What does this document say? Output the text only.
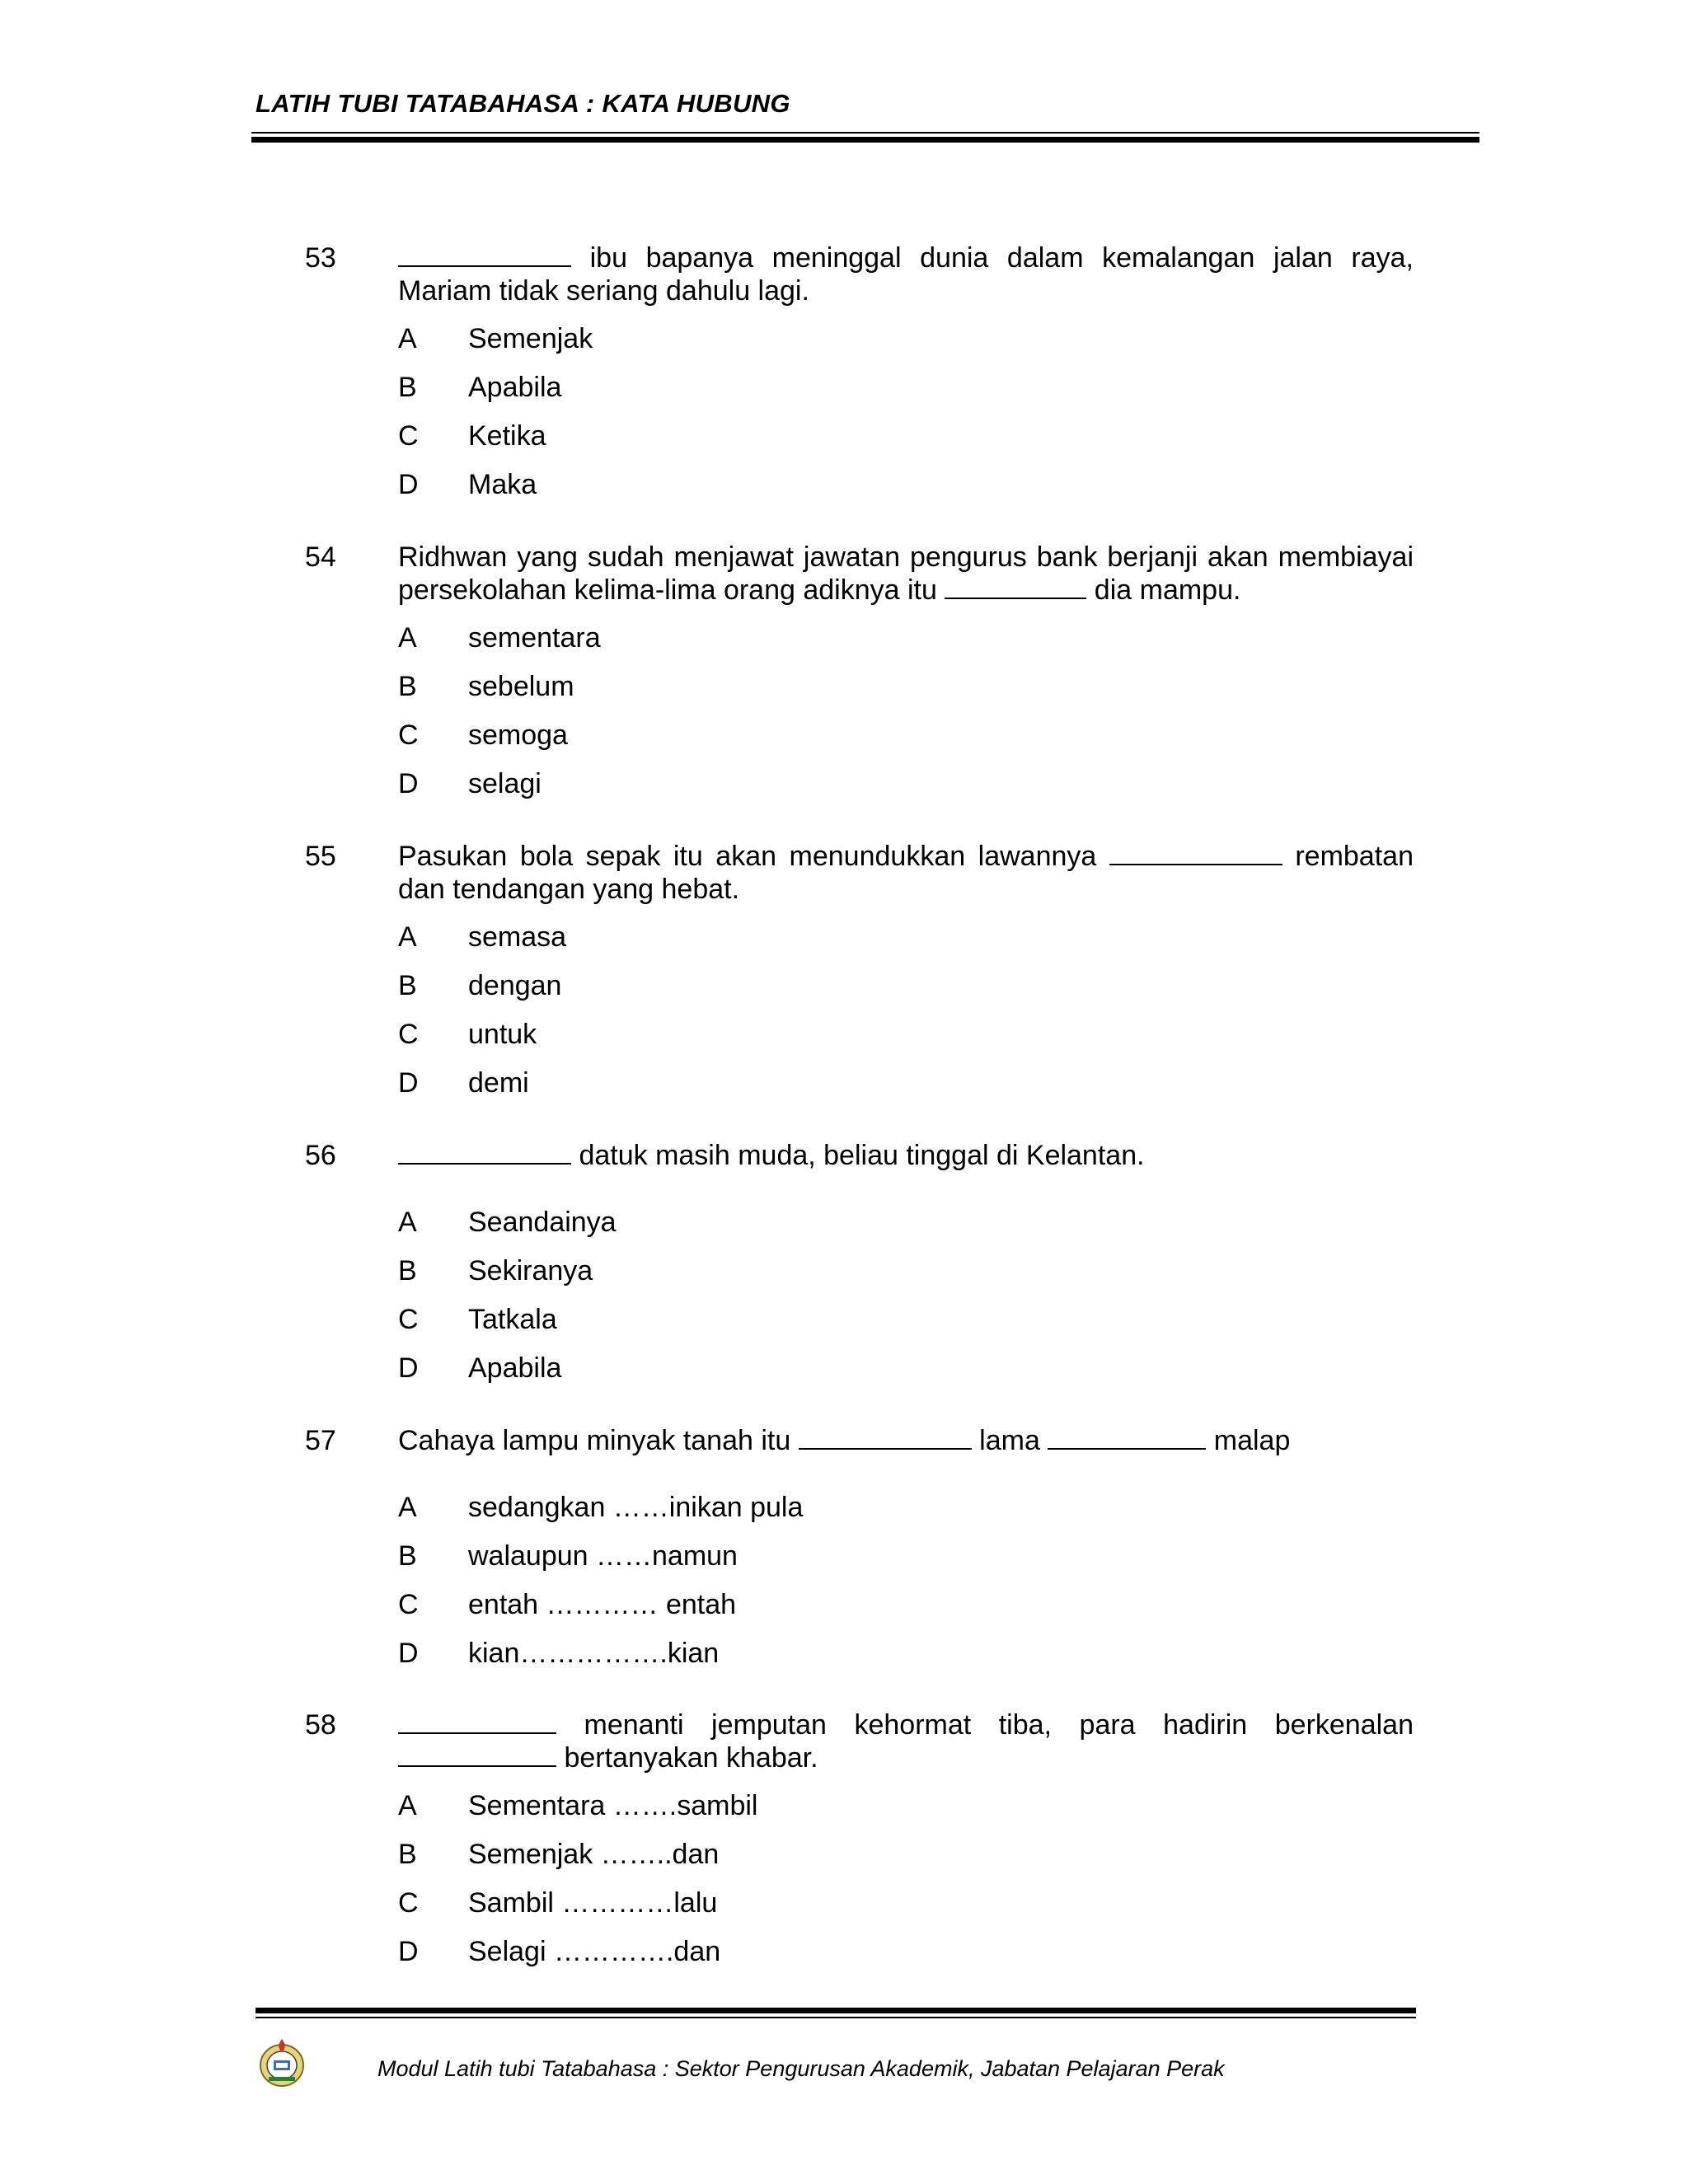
LATIH TUBI TATABAHASA : KATA HUBUNG
53	ibu bapanya meninggal dunia dalam kemalangan jalan raya,
Mariam tidak seriang dahulu lagi.
A Semenjak
B Apabila
C Ketika
D Maka
54 Ridhwan yang sudah menjawat jawatan pengurus bank berjanji akan membiayai
persekolahan kelima-lima orang adiknya itu	dia mampu.
A sementara
B sebelum
C semoga
D selagi
55 Pasukan bola sepak itu akan menundukkan lawannya	rembatan
dan tendangan yang hebat.
A semasa
B dengan
C untuk
D demi
56	datuk masih muda, beliau tinggal di Kelantan.
A Seandainya
B Sekiranya
C Tatkala
D Apabila
57 Cahaya lampu minyak tanah itu	lama	malap
A sedangkan ……inikan pula
B walaupun ……namun
C entah ………… entah
D kian…………….kian
58	menanti jemputan kehormat tiba, para hadirin berkenalan
bertanyakan khabar.
A Sementara …….sambil
B Semenjak ……..dan
C Sambil …………lalu
D Selagi ………….dan
Modul Latih tubi Tatabahasa : Sektor Pengurusan Akademik, Jabatan Pelajaran Perak
